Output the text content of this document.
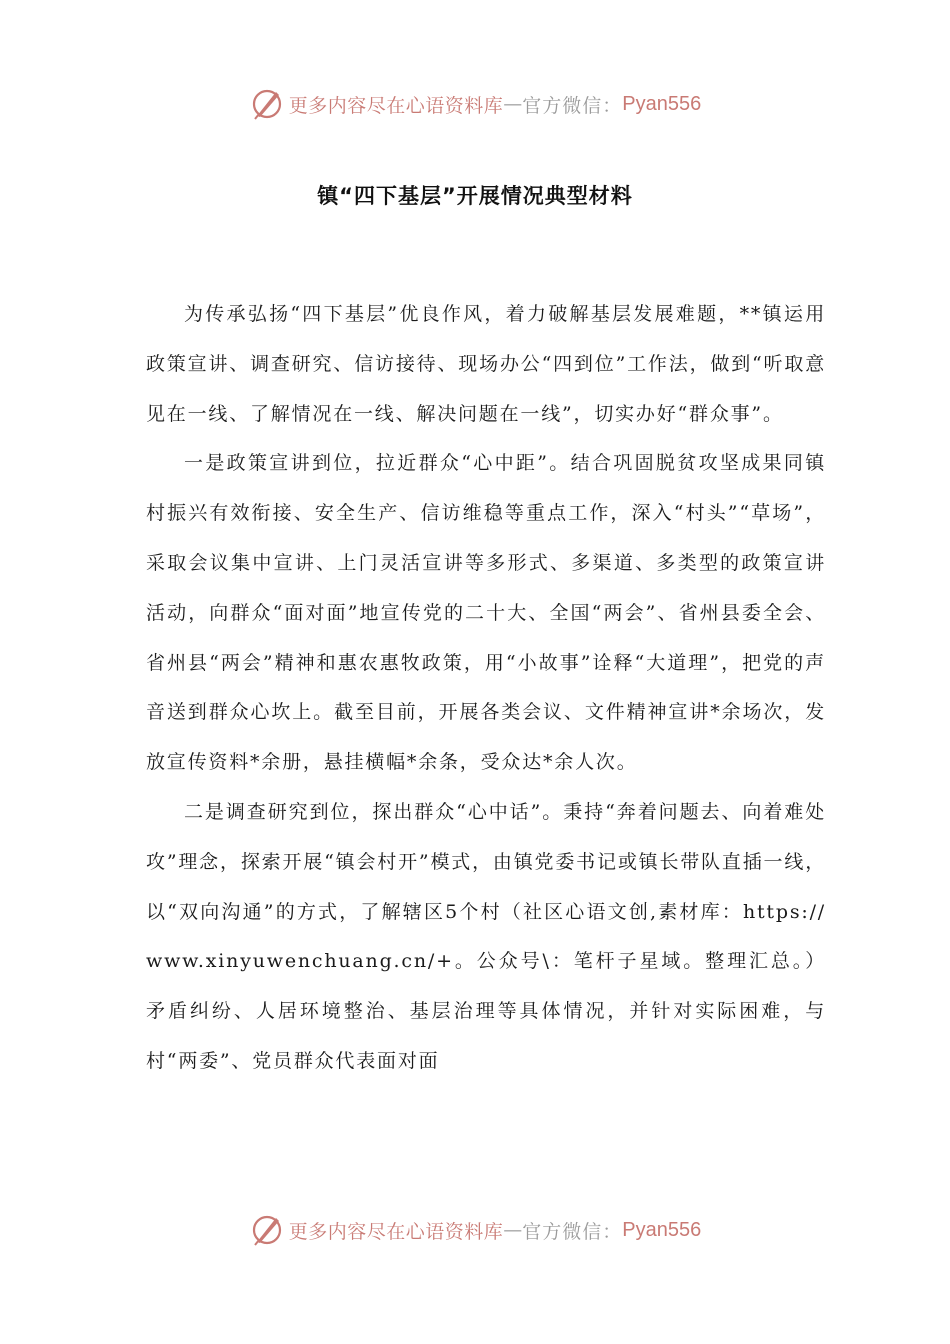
更多内容尽在心语资料库 — 官方微信： Pyan556
镇“四下基层”开展情况典型材料

为传承弘扬“四下基层”优良作风，着力破解基层发展难题，**镇运用政策宣讲、调查研究、信访接待、现场办公“四到位”工作法，做到“听取意见在一线、了解情况在一线、解决问题在一线”，切实办好“群众事”。

一是政策宣讲到位，拉近群众“心中距”。结合巩固脱贫攻坚成果同镇村振兴有效衔接、安全生产、信访维稳等重点工作，深入“村头”“草场”，采取会议集中宣讲、上门灵活宣讲等多形式、多渠道、多类型的政策宣讲活动，向群众“面对面”地宣传党的二十大、全国“两会”、省州县委全会、省州县“两会”精神和惠农惠牧政策，用“小故事”诠释“大道理”，把党的声音送到群众心坎上。截至目前，开展各类会议、文件精神宣讲*余场次，发放宣传资料*余册，悬挂横幅*余条，受众达*余人次。

二是调查研究到位，探出群众“心中话”。秉持“奔着问题去、向着难处攻”理念，探索开展“镇会村开”模式，由镇党委书记或镇长带队直插一线，以“双向沟通”的方式，了解辖区5个村（社区心语文创,素材库：https://www.xinyuwenchuang.cn/+。公众号\：笔杆子星域。整理汇总。）矛盾纠纷、人居环境整治、基层治理等具体情况，并针对实际困难，与村“两委”、党员群众代表面对面

更多内容尽在心语资料库 — 官方微信： Pyan556
